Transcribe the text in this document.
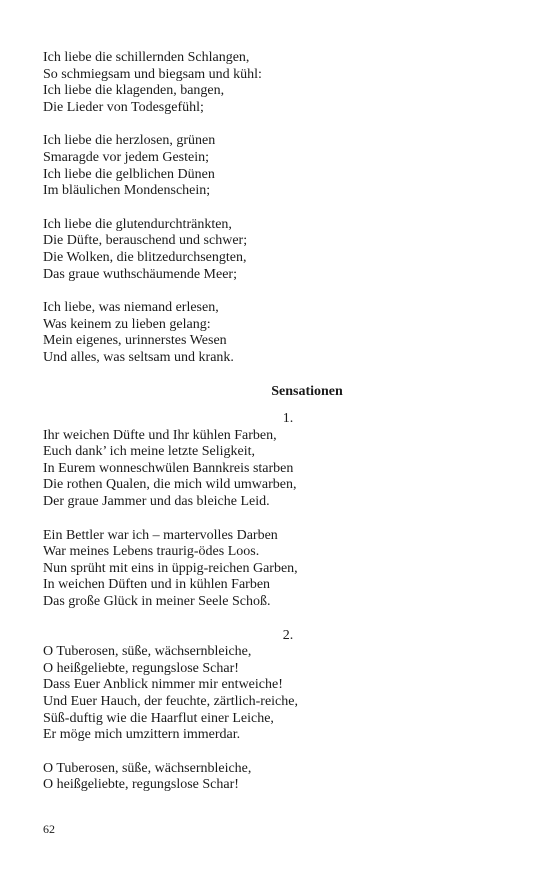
Ich liebe die schillernden Schlangen,
So schmiegsam und biegsam und kühl:
Ich liebe die klagenden, bangen,
Die Lieder von Todesgefühl;
Ich liebe die herzlosen, grünen
Smaragde vor jedem Gestein;
Ich liebe die gelblichen Dünen
Im bläulichen Mondenschein;
Ich liebe die glutendurchtränkten,
Die Düfte, berauschend und schwer;
Die Wolken, die blitzedurchsengten,
Das graue wuthschäumende Meer;
Ich liebe, was niemand erlesen,
Was keinem zu lieben gelang:
Mein eigenes, urinnerstes Wesen
Und alles, was seltsam und krank.
Sensationen
1.
Ihr weichen Düfte und Ihr kühlen Farben,
Euch dank’ ich meine letzte Seligkeit,
In Eurem wonneschwülen Bannkreis starben
Die rothen Qualen, die mich wild umwarben,
Der graue Jammer und das bleiche Leid.
Ein Bettler war ich – martervolles Darben
War meines Lebens traurig-ödes Loos.
Nun sprüht mit eins in üppig-reichen Garben,
In weichen Düften und in kühlen Farben
Das große Glück in meiner Seele Schoß.
2.
O Tuberosen, süße, wächsernbleiche,
O heißgeliebte, regungslose Schar!
Dass Euer Anblick nimmer mir entweiche!
Und Euer Hauch, der feuchte, zärtlich-reiche,
Süß-duftig wie die Haarflut einer Leiche,
Er möge mich umzittern immerdar.
O Tuberosen, süße, wächsernbleiche,
O heißgeliebte, regungslose Schar!
62
